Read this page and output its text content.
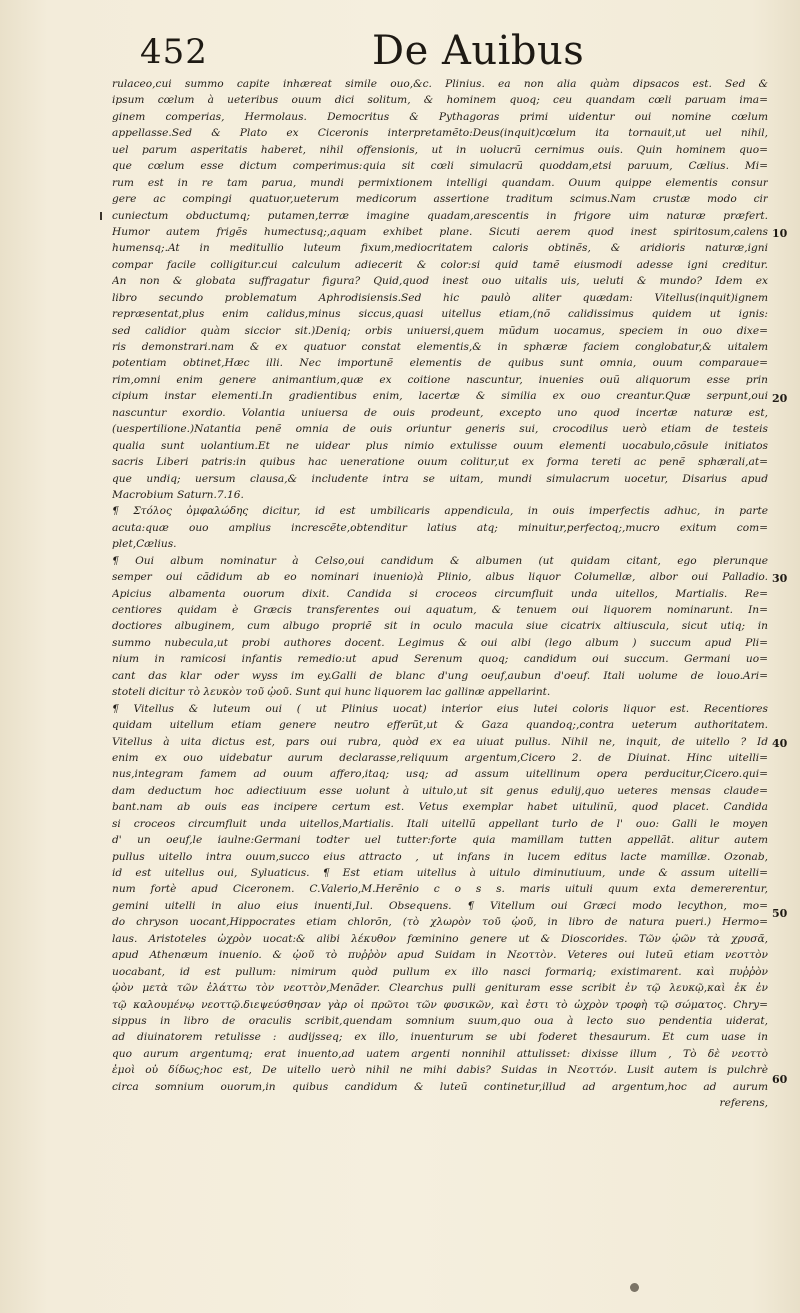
452	De Auibus
10
20
30
40
50
60
rulaceo,cui summo capite inhæreat simile ouo,&c. Plinius. ea non alia quàm dipsacos est. Sed &
ipsum cœlum à ueteribus ouum dici solitum, & hominem quoq; ceu quandam cœli paruam ima=
ginem comperias, Hermolaus. Democritus & Pythagoras primi uidentur oui nomine cœlum
appellasse.Sed & Plato ex Ciceronis interpretamẽto:Deus(inquit)cœlum ita tornauit,ut uel nihil,
uel parum asperitatis haberet, nihil offensionis, ut in uolucrũ cernimus ouis. Quin hominem quo=
que cœlum esse dictum comperimus:quia sit cœli simulacrũ quoddam,etsi paruum, Cælius. Mi=
rum est in re tam parua, mundi permixtionem intelligi quandam. Ouum quippe elementis consur
gere ac compingi quatuor,ueterum medicorum assertione traditum scimus.Nam crustæ modo cir
cuniectum obductumq; putamen,terræ imagine quadam,arescentis in frigore uim naturæ præfert.
Humor autem frigẽs humectusq;,aquam exhibet plane. Sicuti aerem quod inest spiritosum,calens
humensq;.At in meditullio luteum fixum,mediocritatem caloris obtinẽs, & aridioris naturæ,igni
compar facile colligitur.cui calculum adiecerit & color:si quid tamẽ eiusmodi adesse igni creditur.
An non & globata suffragatur figura? Quid,quod inest ouo uitalis uis, ueluti & mundo? Idem ex
libro secundo problematum Aphrodisiensis.Sed hic paulò aliter quædam: Vitellus(inquit)ignem
repræsentat,plus enim calidus,minus siccus,quasi uitellus etiam,(nõ calidissimus quidem ut ignis:
sed calidior quàm siccior sit.)Deniq; orbis uniuersi,quem mũdum uocamus, speciem in ouo dixe=
ris demonstrari.nam & ex quatuor constat elementis,& in sphæræ faciem conglobatur,& uitalem
potentiam obtinet,Hæc illi. Nec importunẽ elementis de quibus sunt omnia, ouum comparaue=
rim,omni enim genere animantium,quæ ex coitione nascuntur, inuenies ouũ aliquorum esse prin
cipium instar elementi.In gradientibus enim, lacertæ & similia ex ouo creantur.Quæ serpunt,oui
nascuntur exordio. Volantia uniuersa de ouis prodeunt, excepto uno quod incertæ naturæ est,
(uespertilione.)Natantia penẽ omnia de ouis oriuntur generis sui, crocodilus uerò etiam de testeis
qualia sunt uolantium.Et ne uidear plus nimio extulisse ouum elementi uocabulo,cõsule initiatos
sacris Liberi patris:in quibus hac ueneratione ouum colitur,ut ex forma tereti ac penẽ sphærali,at=
que undiq; uersum clausa,& includente intra se uitam, mundi simulacrum uocetur, Disarius apud
Macrobium Saturn.7.16.
¶ Στόλος ὀμφαλώδης dicitur, id est umbilicaris appendicula, in ouis imperfectis adhuc, in parte
acuta:quæ ouo amplius increscẽte,obtenditur latius atq; minuitur,perfectoq;,mucro exitum com=
plet,Cælius.
¶ Oui album nominatur à Celso,oui candidum & albumen (ut quidam citant, ego plerunque
semper oui cãdidum ab eo nominari inuenio)à Plinio, albus liquor Columellæ, albor oui Palladio.
Apicius albamenta ouorum dixit. Candida si croceos circumfluit unda uitellos, Martialis. Re=
centiores quidam è Græcis transferentes oui aquatum, & tenuem oui liquorem nominarunt. In=
doctiores albuginem, cum albugo propriẽ sit in oculo macula siue cicatrix altiuscula, sicut utiq; in
summo nubecula,ut probi authores docent. Legimus & oui albi (lego album ) succum apud Pli=
nium in ramicosi infantis remedio:ut apud Serenum quoq; candidum oui succum. Germani uo=
cant das klar oder wyss im ey.Galli de blanc d'ung oeuf,aubun d'oeuf. Itali uolume de louo.Ari=
stoteli dicitur τὸ λευκὸν τοῦ ᾠοῦ. Sunt qui hunc liquorem lac gallinæ appellarint.
¶ Vitellus & luteum oui ( ut Plinius uocat) interior eius lutei coloris liquor est. Recentiores
quidam uitellum etiam genere neutro efferũt,ut & Gaza quandoq;,contra ueterum authoritatem.
Vitellus à uita dictus est, pars oui rubra, quòd ex ea uiuat pullus. Nihil ne, inquit, de uitello ? Id
enim ex ouo uidebatur aurum declarasse,reliquum argentum,Cicero 2. de Diuinat. Hinc uitelli=
nus,integram famem ad ouum affero,itaq; usq; ad assum uitellinum opera perducitur,Cicero.qui=
dam deductum hoc adiectiuum esse uolunt à uitulo,ut sit genus edulij,quo ueteres mensas claude=
bant.nam ab ouis eas incipere certum est. Vetus exemplar habet uitulinũ, quod placet. Candida
si croceos circumfluit unda uitellos,Martialis. Itali uitellũ appellant turlo de l' ouo: Galli le moyen
d' un oeuf,le iaulne:Germani todter uel tutter:forte quia mamillam tutten appellãt. alitur autem
pullus uitello intra ouum,succo eius attracto , ut infans in lucem editus lacte mamillæ. Ozonab,
id est uitellus oui, Syluaticus. ¶ Est etiam uitellus à uitulo diminutiuum, unde & assum uitelli=
num fortè apud Ciceronem. C.Valerio,M.Herẽnio c o s s. maris uituli quum exta demererentur,
gemini uitelli in aluo eius inuenti,Iul. Obsequens. ¶ Vitellum oui Græci modo lecython, mo=
do chryson uocant,Hippocrates etiam chlorõn, (τὸ χλωρὸν τοῦ ᾠοῦ, in libro de natura pueri.) Hermo=
laus. Aristoteles ὠχρὸν uocat:& alibi λέκυθον fœminino genere ut & Dioscorides. Τῶν ᾠῶν τὰ χρυσᾶ,
apud Athenæum inuenio. & ᾠοῦ τὸ πυῤῥὸν apud Suidam in Νεοττὸν. Veteres oui luteũ etiam νεοττὸν
uocabant, id est pullum: nimirum quòd pullum ex illo nasci formariq; existimarent. καὶ πυῤῥὸν
ᾠὸν μετὰ τῶν ἐλάττω τὸν νεοττὸν,Menãder. Clearchus pulli genituram esse scribit ἐν τῷ λευκῷ,καὶ ἐκ ἐν
τῷ καλουμένῳ νεοττῷ.διεψεύσθησαν γὰρ οἱ πρῶτοι τῶν φυσικῶν, καὶ ἐστι τὸ ὠχρὸν τροφὴ τῷ σώματος. Chry=
sippus in libro de oraculis scribit,quendam somnium suum,quo oua à lecto suo pendentia uiderat,
ad diuinatorem retulisse : audijsseq; ex illo, inuenturum se ubi foderet thesaurum. Et cum uase in
quo aurum argentumq; erat inuento,ad uatem argenti nonnihil attulisset: dixisse illum , Τὸ δὲ νεοττὸ
ἐμοὶ οὐ δίδως;hoc est, De uitello uerò nihil ne mihi dabis? Suidas in Νεοττόν. Lusit autem is pulchrè
circa somnium ouorum,in quibus candidum & luteũ continetur,illud ad argentum,hoc ad aurum
referens,
